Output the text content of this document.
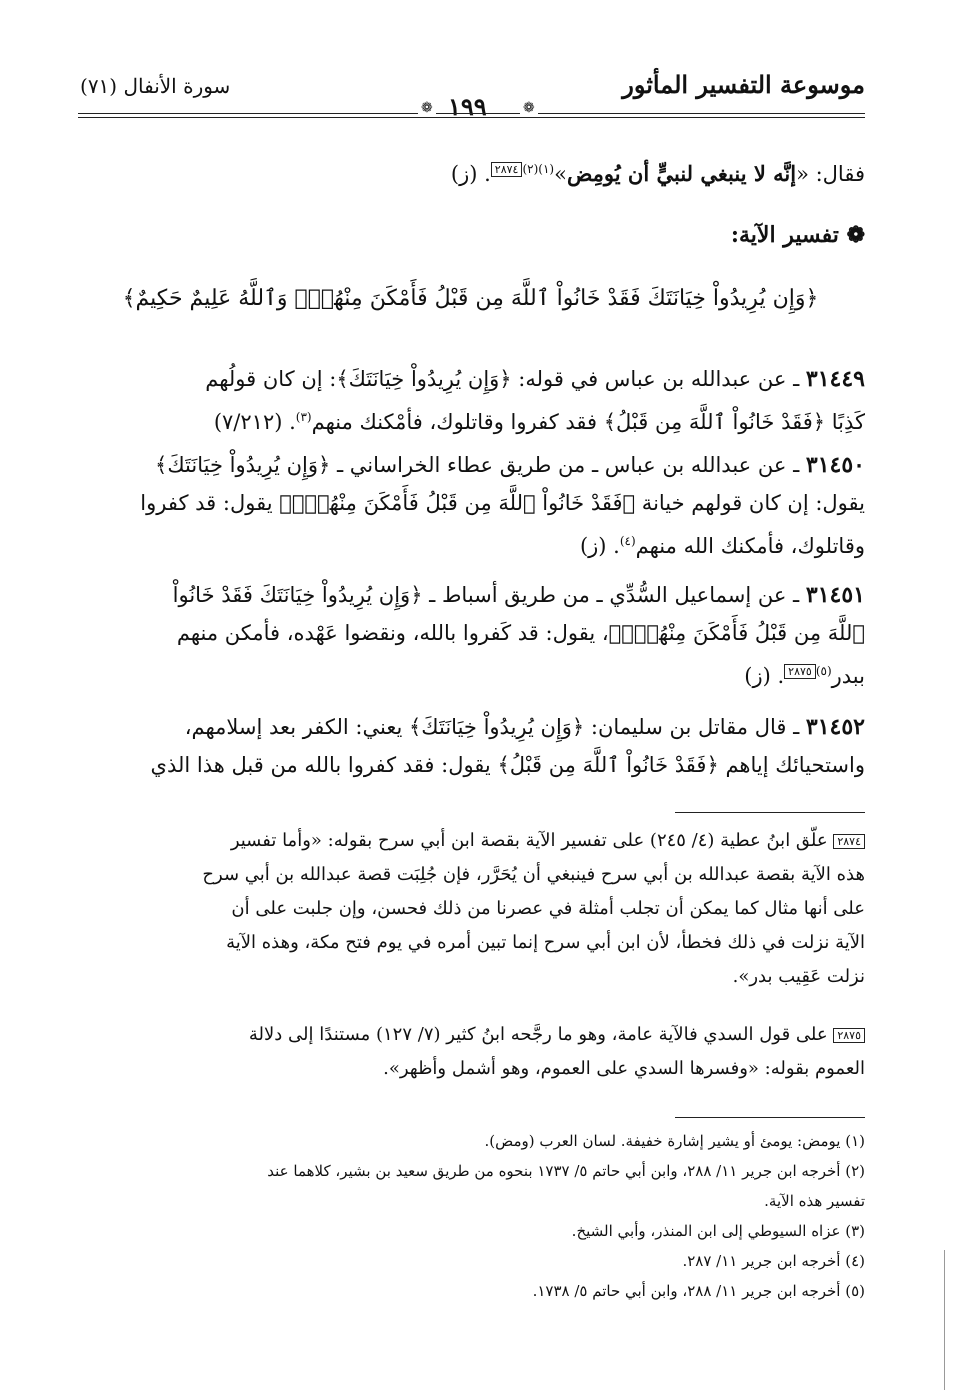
موسوعة التفسير المأثور
سورة الأنفال (٧١)
١٩٩	❁
❁
فقال: «إنَّه لا ينبغي لنبيٍّ أن يُومِض»$^{(١)(٢)}$٢٨٧٤. (ز)
❁ تفسير الآية:
﴿وَإِن يُرِيدُواْ خِيَانَتَكَ فَقَدْ خَانُواْ ٱللَّهَ مِن قَبْلُ فَأَمْكَنَ مِنْهُمْۗ وَٱللَّهُ عَلِيمٌ حَكِيمٌ﴾
٣١٤٤٩ ـ عن عبدالله بن عباس في قوله: ﴿وَإِن يُرِيدُواْ خِيَانَتَكَ﴾: إن كان قولُهم
كَذِبًا ﴿فَقَدْ خَانُواْ ٱللَّهَ مِن قَبْلُ﴾ فقد كفروا وقاتلوك، فأمْكنك منهم$^{(٣)}$. (٧/٢١٢)
٣١٤٥٠ ـ عن عبدالله بن عباس ـ من طريق عطاء الخراساني ـ ﴿وَإِن يُرِيدُواْ خِيَانَتَكَ﴾
يقول: إن كان قولهم خيانة ﴿فَقَدْ خَانُواْ ٱللَّهَ مِن قَبْلُ فَأَمْكَنَ مِنْهُمْۗ﴾ يقول: قد كفروا
وقاتلوك، فأمكنك الله منهم$^{(٤)}$. (ز)
٣١٤٥١ ـ عن إسماعيل السُّدِّي ـ من طريق أسباط ـ ﴿وَإِن يُرِيدُواْ خِيَانَتَكَ فَقَدْ خَانُواْ
ٱللَّهَ مِن قَبْلُ فَأَمْكَنَ مِنْهُمْۗ﴾، يقول: قد كَفروا بالله، ونقضوا عَهْده، فأمكن منهم
ببدر$^{(٥)}$٢٨٧٥. (ز)
٣١٤٥٢ ـ قال مقاتل بن سليمان: ﴿وَإِن يُرِيدُواْ خِيَانَتَكَ﴾ يعني: الكفر بعد إسلامهم،
واستحيائك إياهم ﴿فَقَدْ خَانُواْ ٱللَّهَ مِن قَبْلُ﴾ يقول: فقد كفروا بالله من قبل هذا الذي
٢٨٧٤ علّق ابنُ عطية (٤/ ٢٤٥) على تفسير الآية بقصة ابن أبي سرح بقوله: «وأما تفسير
هذه الآية بقصة عبدالله بن أبي سرح فينبغي أن يُحَرَّر، فإن جُلِبَت قصة عبدالله بن أبي سرح
على أنها مثال كما يمكن أن تجلب أمثلة في عصرنا من ذلك فحسن، وإن جلبت على أن
الآية نزلت في ذلك فخطأ، لأن ابن أبي سرح إنما تبين أمره في يوم فتح مكة، وهذه الآية
نزلت عَقِيب بدر».
٢٨٧٥ على قول السدي فالآية عامة، وهو ما رجَّحه ابنُ كثير (٧/ ١٢٧) مستندًا إلى دلالة
العموم بقوله: «وفسرها السدي على العموم، وهو أشمل وأظهر».
(١) يومض: يومئ أو يشير إشارة خفيفة. لسان العرب (ومض).
(٢) أخرجه ابن جرير ١١/ ٢٨٨، وابن أبي حاتم ٥/ ١٧٣٧ بنحوه من طريق سعيد بن بشير، كلاهما عند
تفسير هذه الآية.
(٣) عزاه السيوطي إلى ابن المنذر، وأبي الشيخ.
(٤) أخرجه ابن جرير ١١/ ٢٨٧.
(٥) أخرجه ابن جرير ١١/ ٢٨٨، وابن أبي حاتم ٥/ ١٧٣٨.
